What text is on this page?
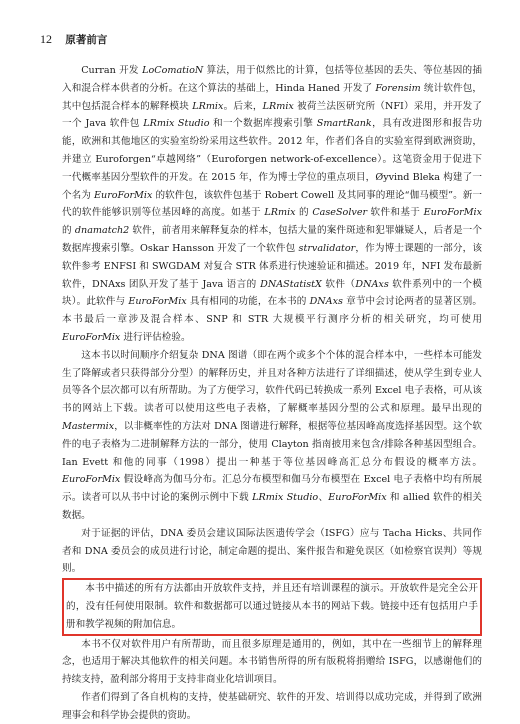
12 原著前言

Curran 开发 LoComatioN 算法，用于似然比的计算，包括等位基因的丢失、等位基因的插入和混合样本供者的分析。在这个算法的基础上，Hinda Haned 开发了 Forensim 统计软件包，其中包括混合样本的解释模块 LRmix。后来，LRmix 被荷兰法医研究所（NFI）采用，并开发了一个 Java 软件包 LRmix Studio 和一个数据库搜索引擎 SmartRank，具有改进图形和报告功能，欧洲和其他地区的实验室纷纷采用这些软件。2012 年，作者们各自的实验室得到欧洲资助，并建立 Euroforgen“卓越网络”（Euroforgen network-of-excellence）。这笔资金用于促进下一代概率基因分型软件的开发。在 2015 年，作为博士学位的重点项目，Øyvind Bleka 构建了一个名为 EuroForMix 的软件包，该软件包基于 Robert Cowell 及其同事的理论“伽马模型”。新一代的软件能够识别等位基因峰的高度。如基于 LRmix 的 CaseSolver 软件和基于 EuroForMix 的 dnamatch2 软件，前者用来解释复杂的样本，包括大量的案件斑迹和犯罪嫌疑人，后者是一个数据库搜索引擎。Oskar Hansson 开发了一个软件包 strvalidator，作为博士课题的一部分，该软件参考 ENFSI 和 SWGDAM 对复合 STR 体系进行快速验证和描述。2019 年，NFI 发布最新软件，DNAxs 团队开发了基于 Java 语言的 DNAStatistX 软件（DNAxs 软件系列中的一个模块）。此软件与 EuroForMix 具有相同的功能，在本书的 DNAxs 章节中会讨论两者的显著区别。本书最后一章涉及混合样本、SNP 和 STR 大规模平行测序分析的相关研究，均可使用 EuroForMix 进行评估检验。

这本书以时间顺序介绍复杂 DNA 图谱（即在两个或多个个体的混合样本中，一些样本可能发生了降解或者只获得部分分型）的解释历史，并且对各种方法进行了详细描述，使从学生到专业人员等各个层次都可以有所帮助。为了方便学习，软件代码已转换成一系列 Excel 电子表格，可从该书的网站上下载。读者可以使用这些电子表格，了解概率基因分型的公式和原理。最早出现的 Mastermix，以非概率性的方法对 DNA 图谱进行解释，根据等位基因峰高度选择基因型。这个软件的电子表格为二进制解释方法的一部分，使用 Clayton 指南披用来包含/排除各种基因型组合。Ian Evett 和他的同事（1998）提出一种基于等位基因峰高汇总分布假设的概率方法。EuroForMix 假设峰高为伽马分布。汇总分布模型和伽马分布模型在 Excel 电子表格中均有所展示。读者可以从书中讨论的案例示例中下载 LRmix Studio、EuroForMix 和 allied 软件的相关数据。

对于证据的评估，DNA 委员会建议国际法医遗传学会（ISFG）应与 Tacha Hicks、共同作者和 DNA 委员会的成员进行讨论，制定命题的提出、案件报告和避免误区（如检察官误判）等规则。

本书中描述的所有方法都由开放软件支持，并且还有培训课程的演示。开放软件是完全公开的，没有任何使用限制。软件和数据都可以通过链接从本书的网站下载。链接中还有包括用户手册和教学视频的附加信息。

本书不仅对软件用户有所帮助，而且很多原理是通用的，例如，其中在一些细节上的解释理念，也适用于解决其他软件的相关问题。本书销售所得的所有版税将捐赠给 ISFG，以感谢他们的持续支持，盈利部分将用于支持非商业化培训项目。

作者们得到了各自机构的支持，使基础研究、软件的开发、培训得以成功完成，并得到了欧洲理事会和科学协会提供的资助。
